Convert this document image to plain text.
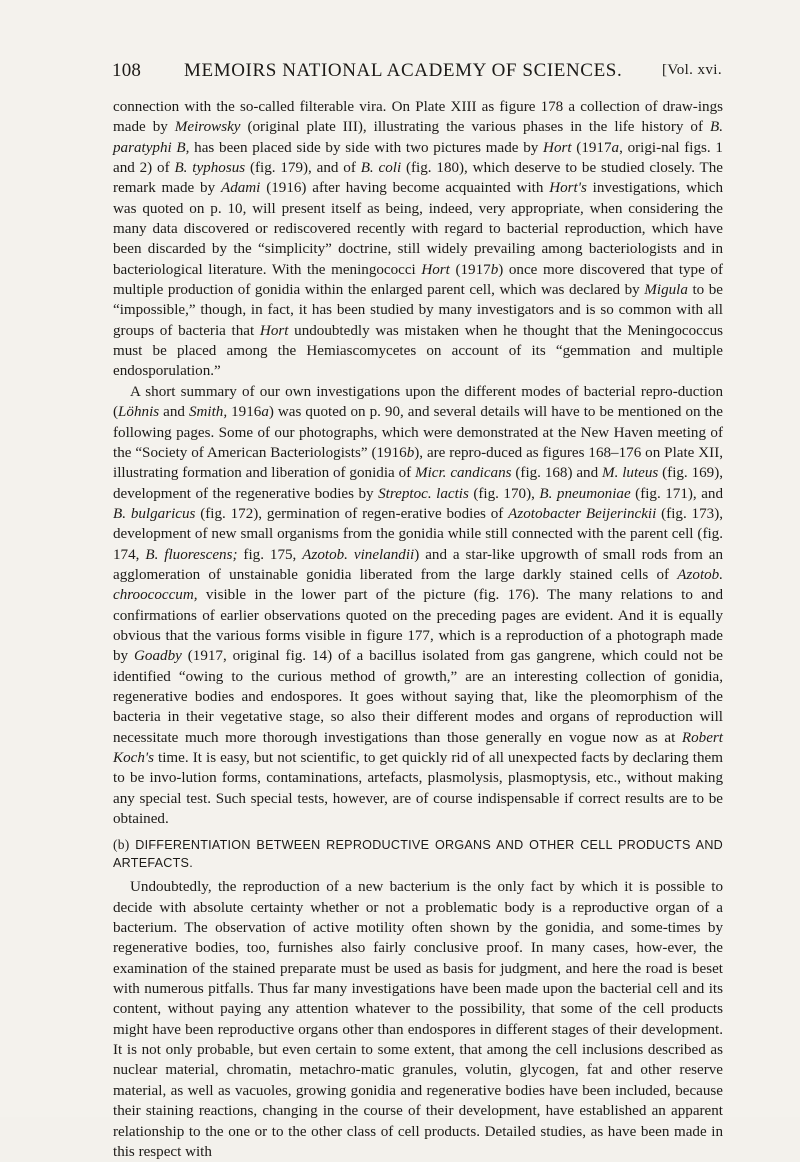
108 MEMOIRS NATIONAL ACADEMY OF SCIENCES.	[Vol. xvi.

connection with the so-called filterable vira. On Plate XIII as figure 178 a collection of draw-ings made by Meirowsky (original plate III), illustrating the various phases in the life history of B. paratyphi B, has been placed side by side with two pictures made by Hort (1917a, origi-nal figs. 1 and 2) of B. typhosus (fig. 179), and of B. coli (fig. 180), which deserve to be studied closely. The remark made by Adami (1916) after having become acquainted with Hort's investigations, which was quoted on p. 10, will present itself as being, indeed, very appropriate, when considering the many data discovered or rediscovered recently with regard to bacterial reproduction, which have been discarded by the “simplicity” doctrine, still widely prevailing among bacteriologists and in bacteriological literature. With the meningococci Hort (1917b) once more discovered that type of multiple production of gonidia within the enlarged parent cell, which was declared by Migula to be “impossible,” though, in fact, it has been studied by many investigators and is so common with all groups of bacteria that Hort undoubtedly was mistaken when he thought that the Meningococcus must be placed among the Hemiascomycetes on account of its “gemmation and multiple endosporulation.”

A short summary of our own investigations upon the different modes of bacterial repro-duction (Löhnis and Smith, 1916a) was quoted on p. 90, and several details will have to be mentioned on the following pages. Some of our photographs, which were demonstrated at the New Haven meeting of the “Society of American Bacteriologists” (1916b), are repro-duced as figures 168–176 on Plate XII, illustrating formation and liberation of gonidia of Micr. candicans (fig. 168) and M. luteus (fig. 169), development of the regenerative bodies by Streptoc. lactis (fig. 170), B. pneumoniae (fig. 171), and B. bulgaricus (fig. 172), germination of regen-erative bodies of Azotobacter Beijerinckii (fig. 173), development of new small organisms from the gonidia while still connected with the parent cell (fig. 174, B. fluorescens; fig. 175, Azotob. vinelandii) and a star-like upgrowth of small rods from an agglomeration of unstainable gonidia liberated from the large darkly stained cells of Azotob. chroococcum, visible in the lower part of the picture (fig. 176). The many relations to and confirmations of earlier observations quoted on the preceding pages are evident. And it is equally obvious that the various forms visible in figure 177, which is a reproduction of a photograph made by Goadby (1917, original fig. 14) of a bacillus isolated from gas gangrene, which could not be identified “owing to the curious method of growth,” are an interesting collection of gonidia, regenerative bodies and endospores. It goes without saying that, like the pleomorphism of the bacteria in their vegetative stage, so also their different modes and organs of reproduction will necessitate much more thorough investigations than those generally en vogue now as at Robert Koch's time. It is easy, but not scientific, to get quickly rid of all unexpected facts by declaring them to be invo-lution forms, contaminations, artefacts, plasmolysis, plasmoptysis, etc., without making any special test. Such special tests, however, are of course indispensable if correct results are to be obtained.

(b) DIFFERENTIATION BETWEEN REPRODUCTIVE ORGANS AND OTHER CELL PRODUCTS AND ARTEFACTS.

Undoubtedly, the reproduction of a new bacterium is the only fact by which it is possible to decide with absolute certainty whether or not a problematic body is a reproductive organ of a bacterium. The observation of active motility often shown by the gonidia, and some-times by regenerative bodies, too, furnishes also fairly conclusive proof. In many cases, how-ever, the examination of the stained preparate must be used as basis for judgment, and here the road is beset with numerous pitfalls. Thus far many investigations have been made upon the bacterial cell and its content, without paying any attention whatever to the possibility, that some of the cell products might have been reproductive organs other than endospores in different stages of their development. It is not only probable, but even certain to some extent, that among the cell inclusions described as nuclear material, chromatin, metachro-matic granules, volutin, glycogen, fat and other reserve material, as well as vacuoles, growing gonidia and regenerative bodies have been included, because their staining reactions, changing in the course of their development, have established an apparent relationship to the one or to the other class of cell products. Detailed studies, as have been made in this respect with
